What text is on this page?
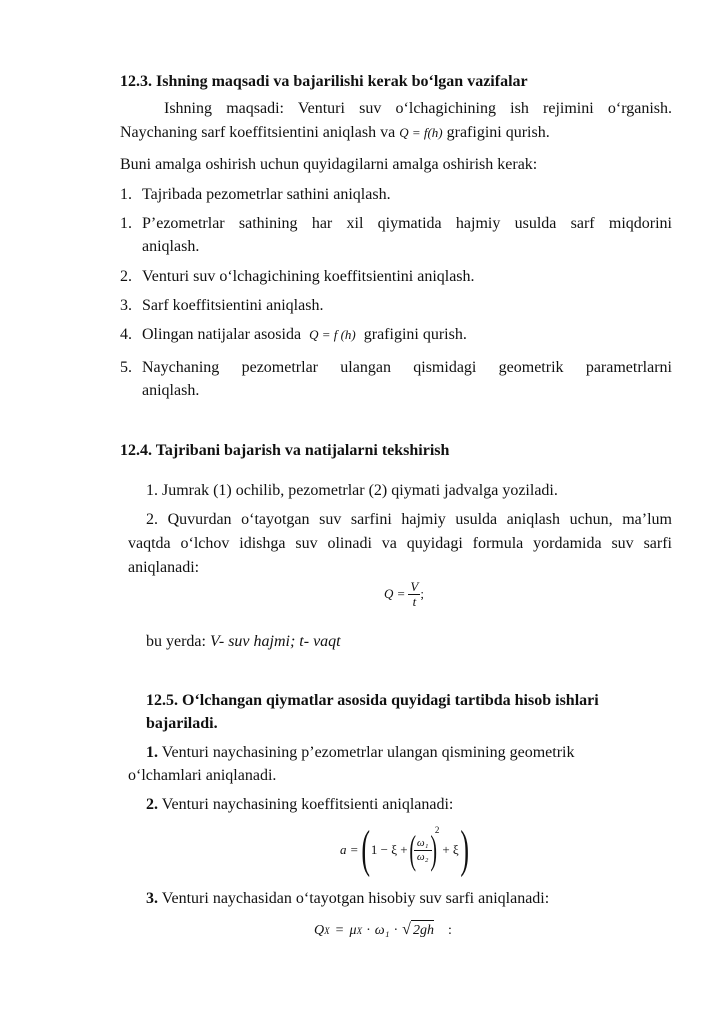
12.3. Ishning maqsadi va bajarilishi kerak bo‘lgan vazifalar
Ishning maqsadi: Venturi suv o‘lchagichining ish rejimini o‘rganish.
Naychaning sarf koeffitsientini aniqlash va Q = f(h) grafigini qurish.
Buni amalga oshirish uchun quyidagilarni amalga oshirish kerak:
1. Tajribada pezometrlar sathini aniqlash.
1. P’ezometrlar sathining har xil qiymatida hajmiy usulda sarf miqdorini
aniqlash.
2. Venturi suv o‘lchagichining koeffitsientini aniqlash.
3. Sarf koeffitsientini aniqlash.
4. Olingan natijalar asosida Q = f (h) grafigini qurish.
5. Naychaning pezometrlar ulangan qismidagi geometrik parametrlarni
aniqlash.
12.4. Tajribani bajarish va natijalarni tekshirish
1. Jumrak (1) ochilib, pezometrlar (2) qiymati jadvalga yoziladi.
2. Quvurdan o‘tayotgan suv sarfini hajmiy usulda aniqlash uchun, ma’lum
vaqtda o‘lchov idishga suv olinadi va quyidagi formula yordamida suv sarfi
aniqlanadi:
$Q = \frac{V}{t}$ ;
bu yerda: V- suv hajmi; t- vaqt
12.5. O‘lchangan qiymatlar asosida quyidagi tartibda hisob ishlari
bajariladi.
1. Venturi naychasining p’ezometrlar ulangan qismining geometrik
o‘lchamlari aniqlanadi.
2. Venturi naychasining koeffitsienti aniqlanadi:
a = ( 1 − ξ + (
$\frac{\text{ω₁}}{\text{ω₂}}$
)
2
+ ξ )
3. Venturi naychasidan o‘tayotgan hisobiy suv sarfi aniqlanadi:
Q X = μ X · ω₁ · √ 2gh :
